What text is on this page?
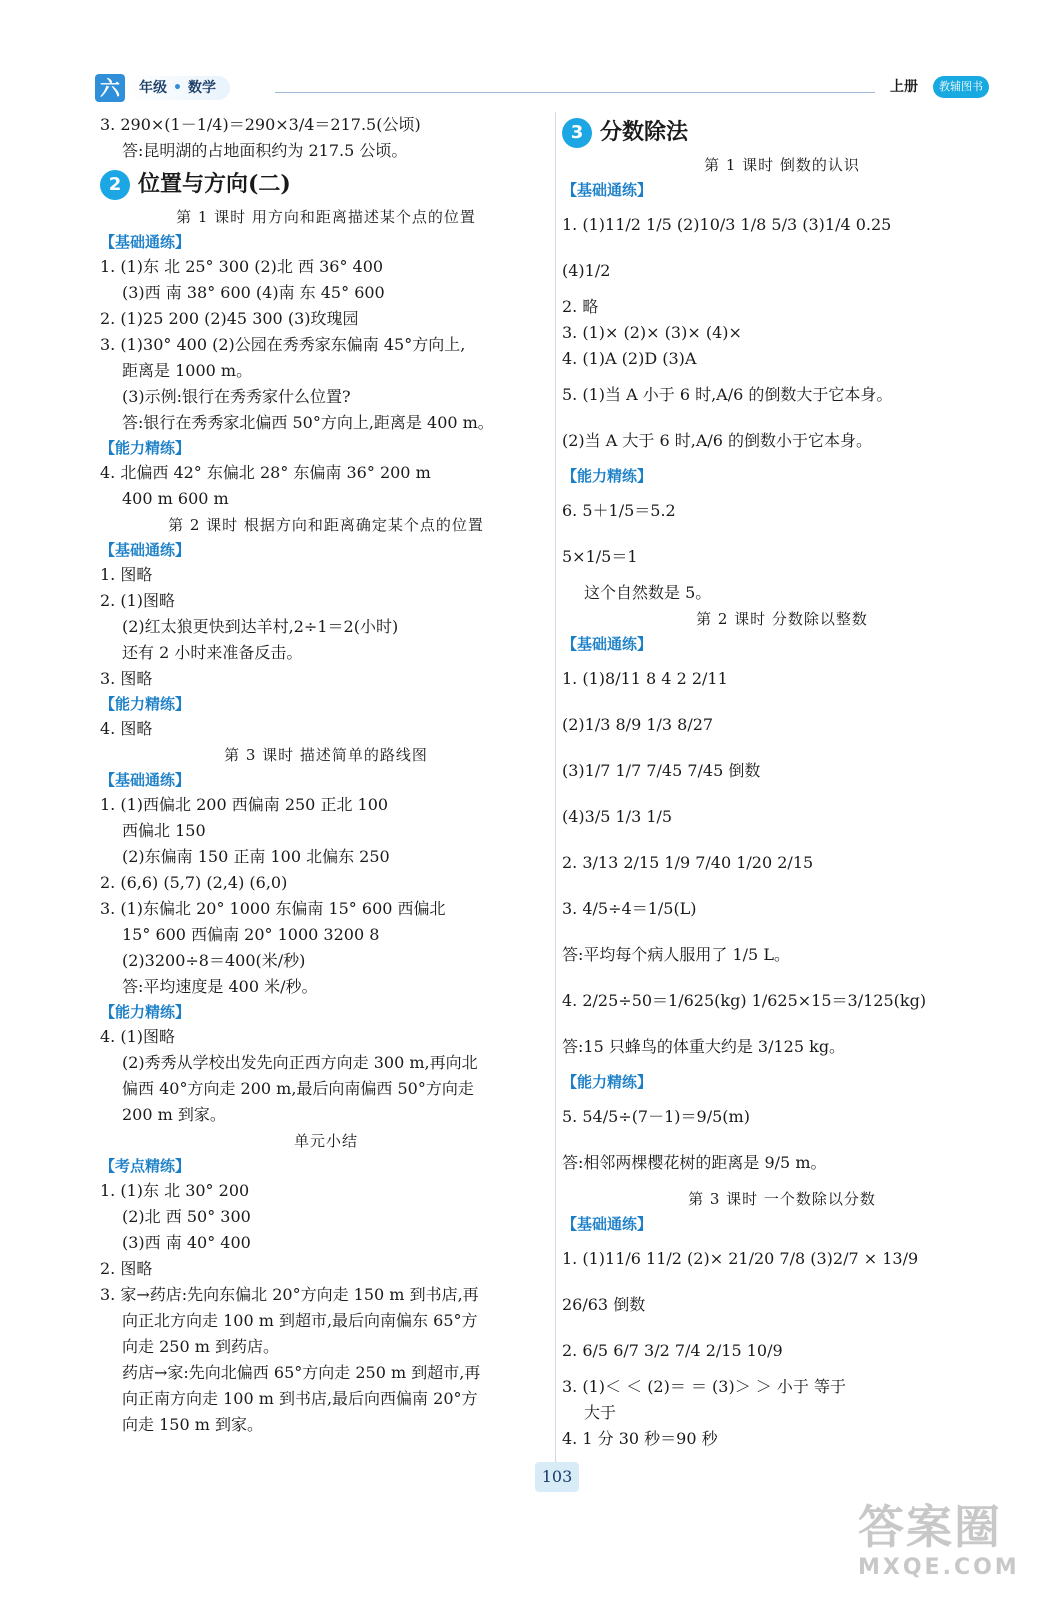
六	年级 • 数学	上册	教辅图书
3. 290×(1－1/4)＝290×3/4＝217.5(公顷)
答:昆明湖的占地面积约为 217.5 公顷。
2 位置与方向(二)
第 1 课时 用方向和距离描述某个点的位置
【基础通练】
1. (1)东 北 25° 300 (2)北 西 36° 400
(3)西 南 38° 600 (4)南 东 45° 600
2. (1)25 200 (2)45 300 (3)玫瑰园
3. (1)30° 400 (2)公园在秀秀家东偏南 45°方向上,
距离是 1000 m。
(3)示例:银行在秀秀家什么位置?
答:银行在秀秀家北偏西 50°方向上,距离是 400 m。
【能力精练】
4. 北偏西 42° 东偏北 28° 东偏南 36° 200 m
400 m 600 m
第 2 课时 根据方向和距离确定某个点的位置
【基础通练】
1. 图略
2. (1)图略
(2)红太狼更快到达羊村,2÷1＝2(小时)
还有 2 小时来准备反击。
3. 图略
【能力精练】
4. 图略
第 3 课时 描述简单的路线图
【基础通练】
1. (1)西偏北 200 西偏南 250 正北 100
西偏北 150
(2)东偏南 150 正南 100 北偏东 250
2. (6,6) (5,7) (2,4) (6,0)
3. (1)东偏北 20° 1000 东偏南 15° 600 西偏北
15° 600 西偏南 20° 1000 3200 8
(2)3200÷8＝400(米/秒)
答:平均速度是 400 米/秒。
【能力精练】
4. (1)图略
(2)秀秀从学校出发先向正西方向走 300 m,再向北
偏西 40°方向走 200 m,最后向南偏西 50°方向走
200 m 到家。
单元小结
【考点精练】
1. (1)东 北 30° 200
(2)北 西 50° 300
(3)西 南 40° 400
2. 图略
3. 家→药店:先向东偏北 20°方向走 150 m 到书店,再
向正北方向走 100 m 到超市,最后向南偏东 65°方
向走 250 m 到药店。
药店→家:先向北偏西 65°方向走 250 m 到超市,再
向正南方向走 100 m 到书店,最后向西偏南 20°方
向走 150 m 到家。
3 分数除法
第 1 课时 倒数的认识
【基础通练】
1. (1)11/2 1/5 (2)10/3 1/8 5/3 (3)1/4 0.25
(4)1/2
2. 略
3. (1)× (2)× (3)× (4)×
4. (1)A (2)D (3)A
5. (1)当 A 小于 6 时,A/6 的倒数大于它本身。
(2)当 A 大于 6 时,A/6 的倒数小于它本身。
【能力精练】
6. 5＋1/5＝5.2
5×1/5＝1
这个自然数是 5。
第 2 课时 分数除以整数
【基础通练】
1. (1)8/11 8 4 2 2/11
(2)1/3 8/9 1/3 8/27
(3)1/7 1/7 7/45 7/45 倒数
(4)3/5 1/3 1/5
2. 3/13 2/15 1/9 7/40 1/20 2/15
3. 4/5÷4＝1/5(L)
答:平均每个病人服用了 1/5 L。
4. 2/25÷50＝1/625(kg) 1/625×15＝3/125(kg)
答:15 只蜂鸟的体重大约是 3/125 kg。
【能力精练】
5. 54/5÷(7－1)＝9/5(m)
答:相邻两棵樱花树的距离是 9/5 m。
第 3 课时 一个数除以分数
【基础通练】
1. (1)11/6 11/2 (2)× 21/20 7/8 (3)2/7 × 13/9
26/63 倒数
2. 6/5 6/7 3/2 7/4 2/15 10/9
3. (1)＜ ＜ (2)＝ ＝ (3)＞ ＞ 小于 等于
大于
4. 1 分 30 秒＝90 秒
103
答案圈
MXQE.COM
